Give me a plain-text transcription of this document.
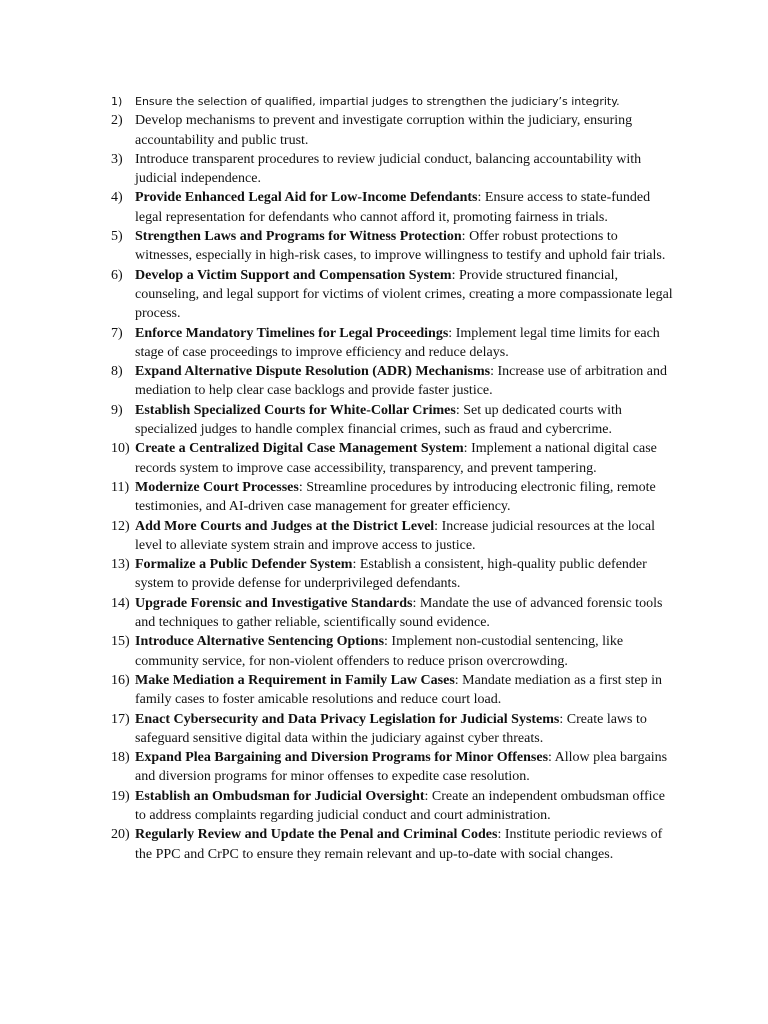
1)	Ensure the selection of qualified, impartial judges to strengthen the judiciary’s integrity.
2) Develop mechanisms to prevent and investigate corruption within the judiciary, ensuring accountability and public trust.
3) Introduce transparent procedures to review judicial conduct, balancing accountability with judicial independence.
4) Provide Enhanced Legal Aid for Low-Income Defendants: Ensure access to state-funded legal representation for defendants who cannot afford it, promoting fairness in trials.
5) Strengthen Laws and Programs for Witness Protection: Offer robust protections to witnesses, especially in high-risk cases, to improve willingness to testify and uphold fair trials.
6) Develop a Victim Support and Compensation System: Provide structured financial, counseling, and legal support for victims of violent crimes, creating a more compassionate legal process.
7) Enforce Mandatory Timelines for Legal Proceedings: Implement legal time limits for each stage of case proceedings to improve efficiency and reduce delays.
8) Expand Alternative Dispute Resolution (ADR) Mechanisms: Increase use of arbitration and mediation to help clear case backlogs and provide faster justice.
9) Establish Specialized Courts for White-Collar Crimes: Set up dedicated courts with specialized judges to handle complex financial crimes, such as fraud and cybercrime.
10) Create a Centralized Digital Case Management System: Implement a national digital case records system to improve case accessibility, transparency, and prevent tampering.
11) Modernize Court Processes: Streamline procedures by introducing electronic filing, remote testimonies, and AI-driven case management for greater efficiency.
12) Add More Courts and Judges at the District Level: Increase judicial resources at the local level to alleviate system strain and improve access to justice.
13) Formalize a Public Defender System: Establish a consistent, high-quality public defender system to provide defense for underprivileged defendants.
14) Upgrade Forensic and Investigative Standards: Mandate the use of advanced forensic tools and techniques to gather reliable, scientifically sound evidence.
15) Introduce Alternative Sentencing Options: Implement non-custodial sentencing, like community service, for non-violent offenders to reduce prison overcrowding.
16) Make Mediation a Requirement in Family Law Cases: Mandate mediation as a first step in family cases to foster amicable resolutions and reduce court load.
17) Enact Cybersecurity and Data Privacy Legislation for Judicial Systems: Create laws to safeguard sensitive digital data within the judiciary against cyber threats.
18) Expand Plea Bargaining and Diversion Programs for Minor Offenses: Allow plea bargains and diversion programs for minor offenses to expedite case resolution.
19) Establish an Ombudsman for Judicial Oversight: Create an independent ombudsman office to address complaints regarding judicial conduct and court administration.
20) Regularly Review and Update the Penal and Criminal Codes: Institute periodic reviews of the PPC and CrPC to ensure they remain relevant and up-to-date with social changes.
